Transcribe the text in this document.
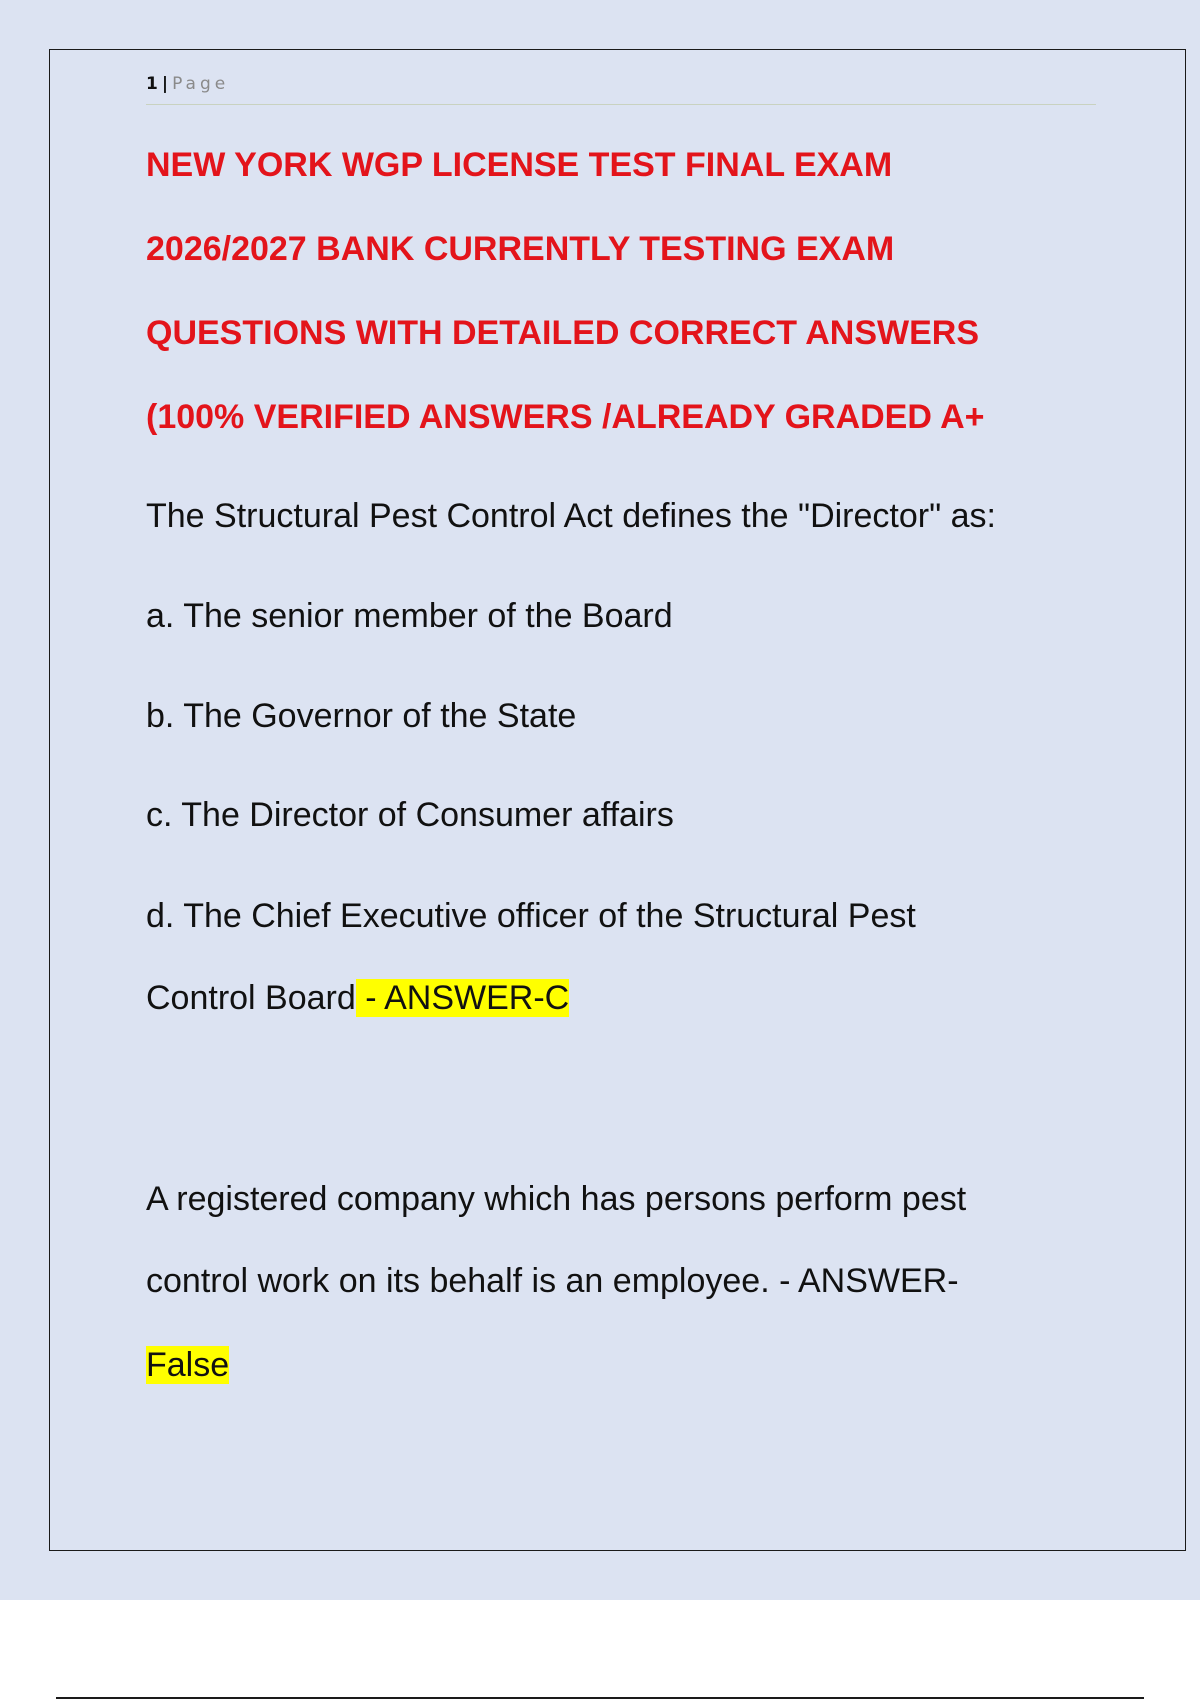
1 | Page
NEW YORK WGP LICENSE TEST FINAL EXAM
2026/2027 BANK CURRENTLY TESTING EXAM
QUESTIONS WITH DETAILED CORRECT ANSWERS
(100% VERIFIED ANSWERS /ALREADY GRADED A+
The Structural Pest Control Act defines the "Director" as:
a. The senior member of the Board
b. The Governor of the State
c. The Director of Consumer affairs
d. The Chief Executive officer of the Structural Pest
Control Board - ANSWER-C
A registered company which has persons perform pest
control work on its behalf is an employee. - ANSWER-
False
